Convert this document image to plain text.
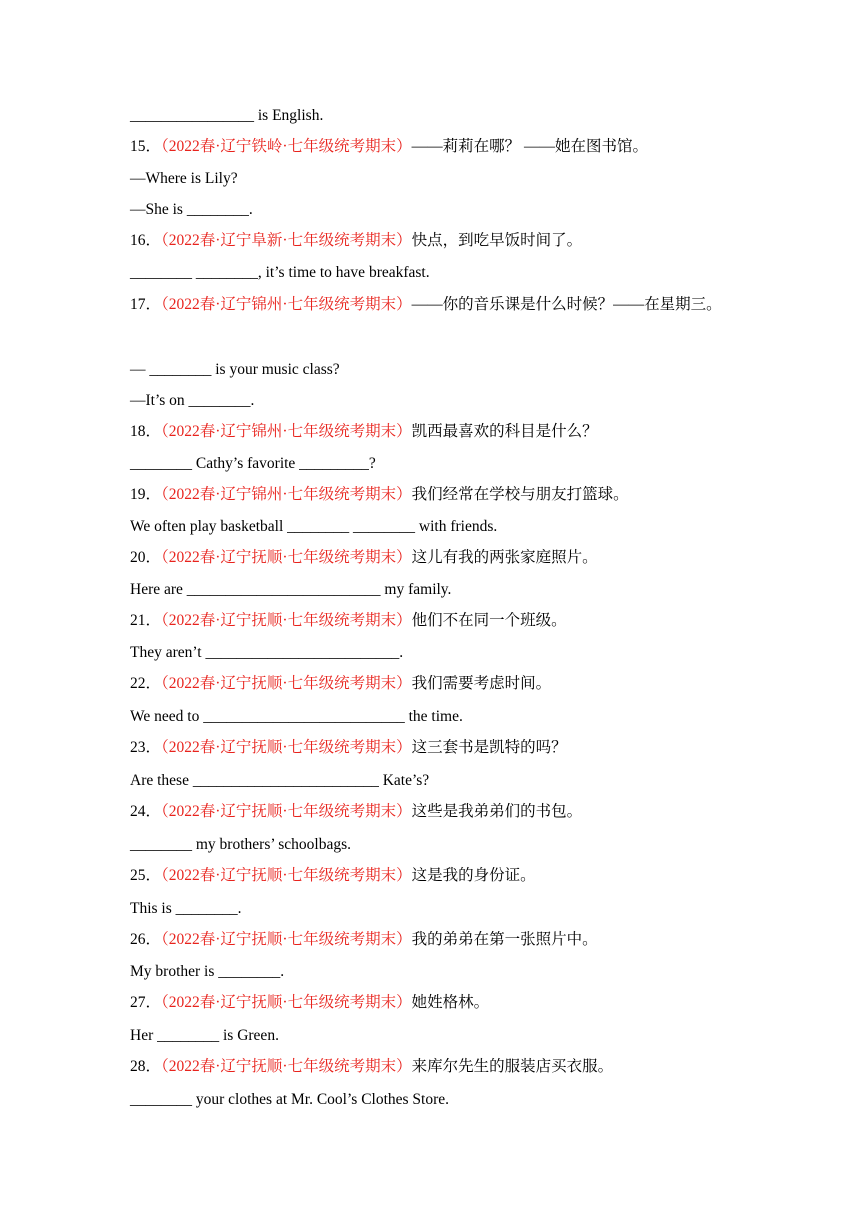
________________ is English.
15．（2022春·辽宁铁岭·七年级统考期末）——莉莉在哪？ ——她在图书馆。
—Where is Lily?
—She is ________.
16．（2022春·辽宁阜新·七年级统考期末）快点，到吃早饭时间了。
________ ________, it’s time to have breakfast.
17．（2022春·辽宁锦州·七年级统考期末）——你的音乐课是什么时候？——在星期三。
— ________ is your music class?
—It’s on ________.
18．（2022春·辽宁锦州·七年级统考期末）凯西最喜欢的科目是什么？
________ Cathy’s favorite _________?
19．（2022春·辽宁锦州·七年级统考期末）我们经常在学校与朋友打篮球。
We often play basketball ________ ________ with friends.
20．（2022春·辽宁抚顺·七年级统考期末）这儿有我的两张家庭照片。
Here are _________________________ my family.
21．（2022春·辽宁抚顺·七年级统考期末）他们不在同一个班级。
They aren’t _________________________.
22．（2022春·辽宁抚顺·七年级统考期末）我们需要考虑时间。
We need to __________________________ the time.
23．（2022春·辽宁抚顺·七年级统考期末）这三套书是凯特的吗？
Are these ________________________ Kate’s?
24．（2022春·辽宁抚顺·七年级统考期末）这些是我弟弟们的书包。
________ my brothers’ schoolbags.
25．（2022春·辽宁抚顺·七年级统考期末）这是我的身份证。
This is ________.
26．（2022春·辽宁抚顺·七年级统考期末）我的弟弟在第一张照片中。
My brother is ________.
27．（2022春·辽宁抚顺·七年级统考期末）她姓格林。
Her ________ is Green.
28．（2022春·辽宁抚顺·七年级统考期末）来库尔先生的服装店买衣服。
________ your clothes at Mr. Cool’s Clothes Store.
